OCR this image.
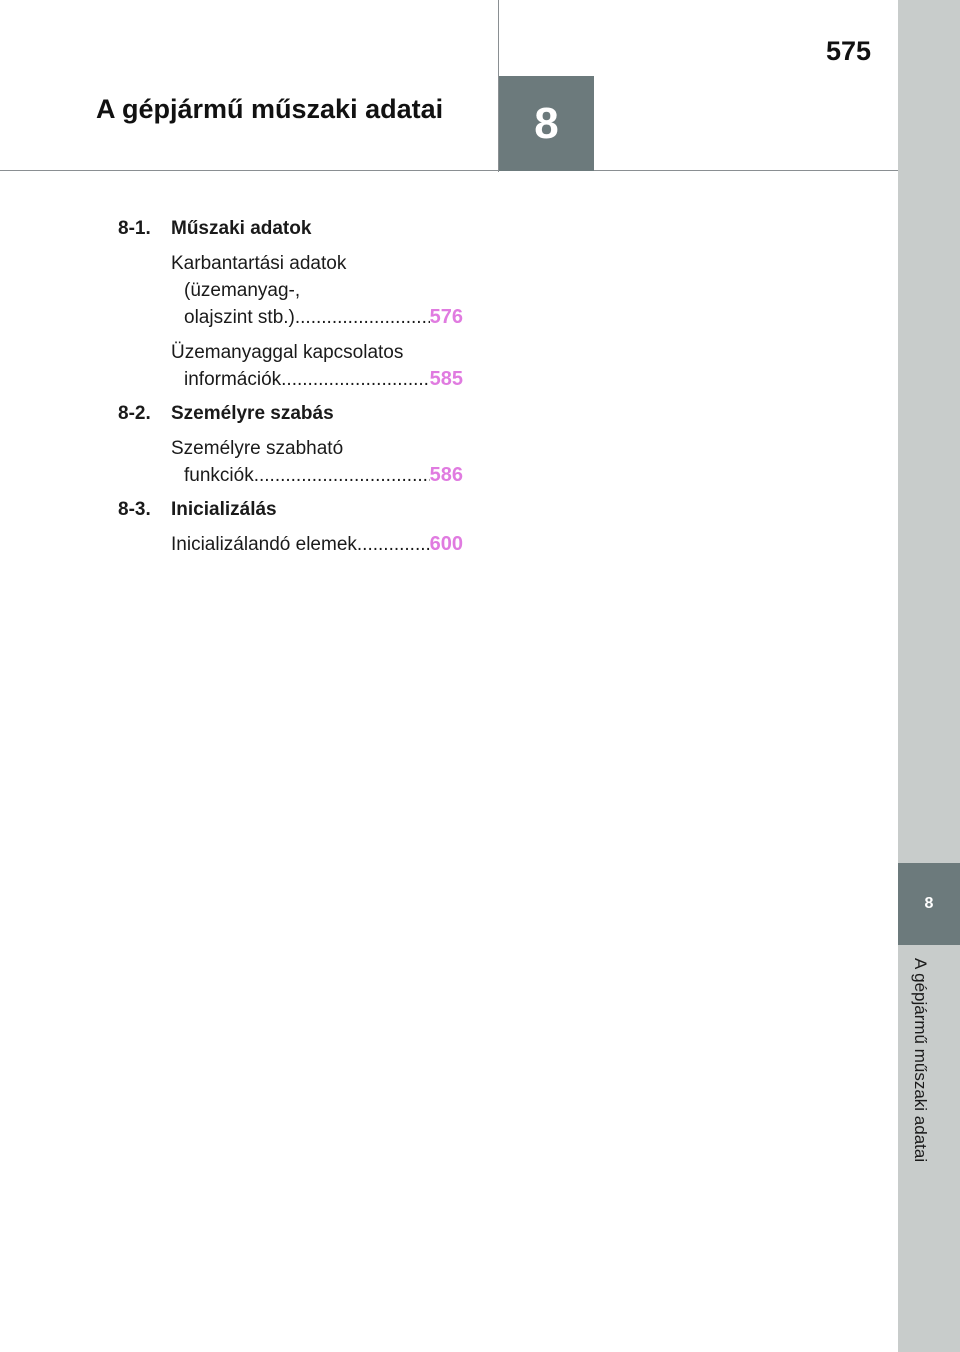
8
575
A gépjármű műszaki adatai
8
A gépjármű műszaki adatai
8-1.	Műszaki adatok
Karbantartási adatok
(üzemanyag-,
olajszint stb.) .....	576
Üzemanyaggal kapcsolatos
információk .....	585
8-2.	Személyre szabás
Személyre szabható
funkciók .....	586
8-3.	Inicializálás
Inicializálandó elemek .....	600
